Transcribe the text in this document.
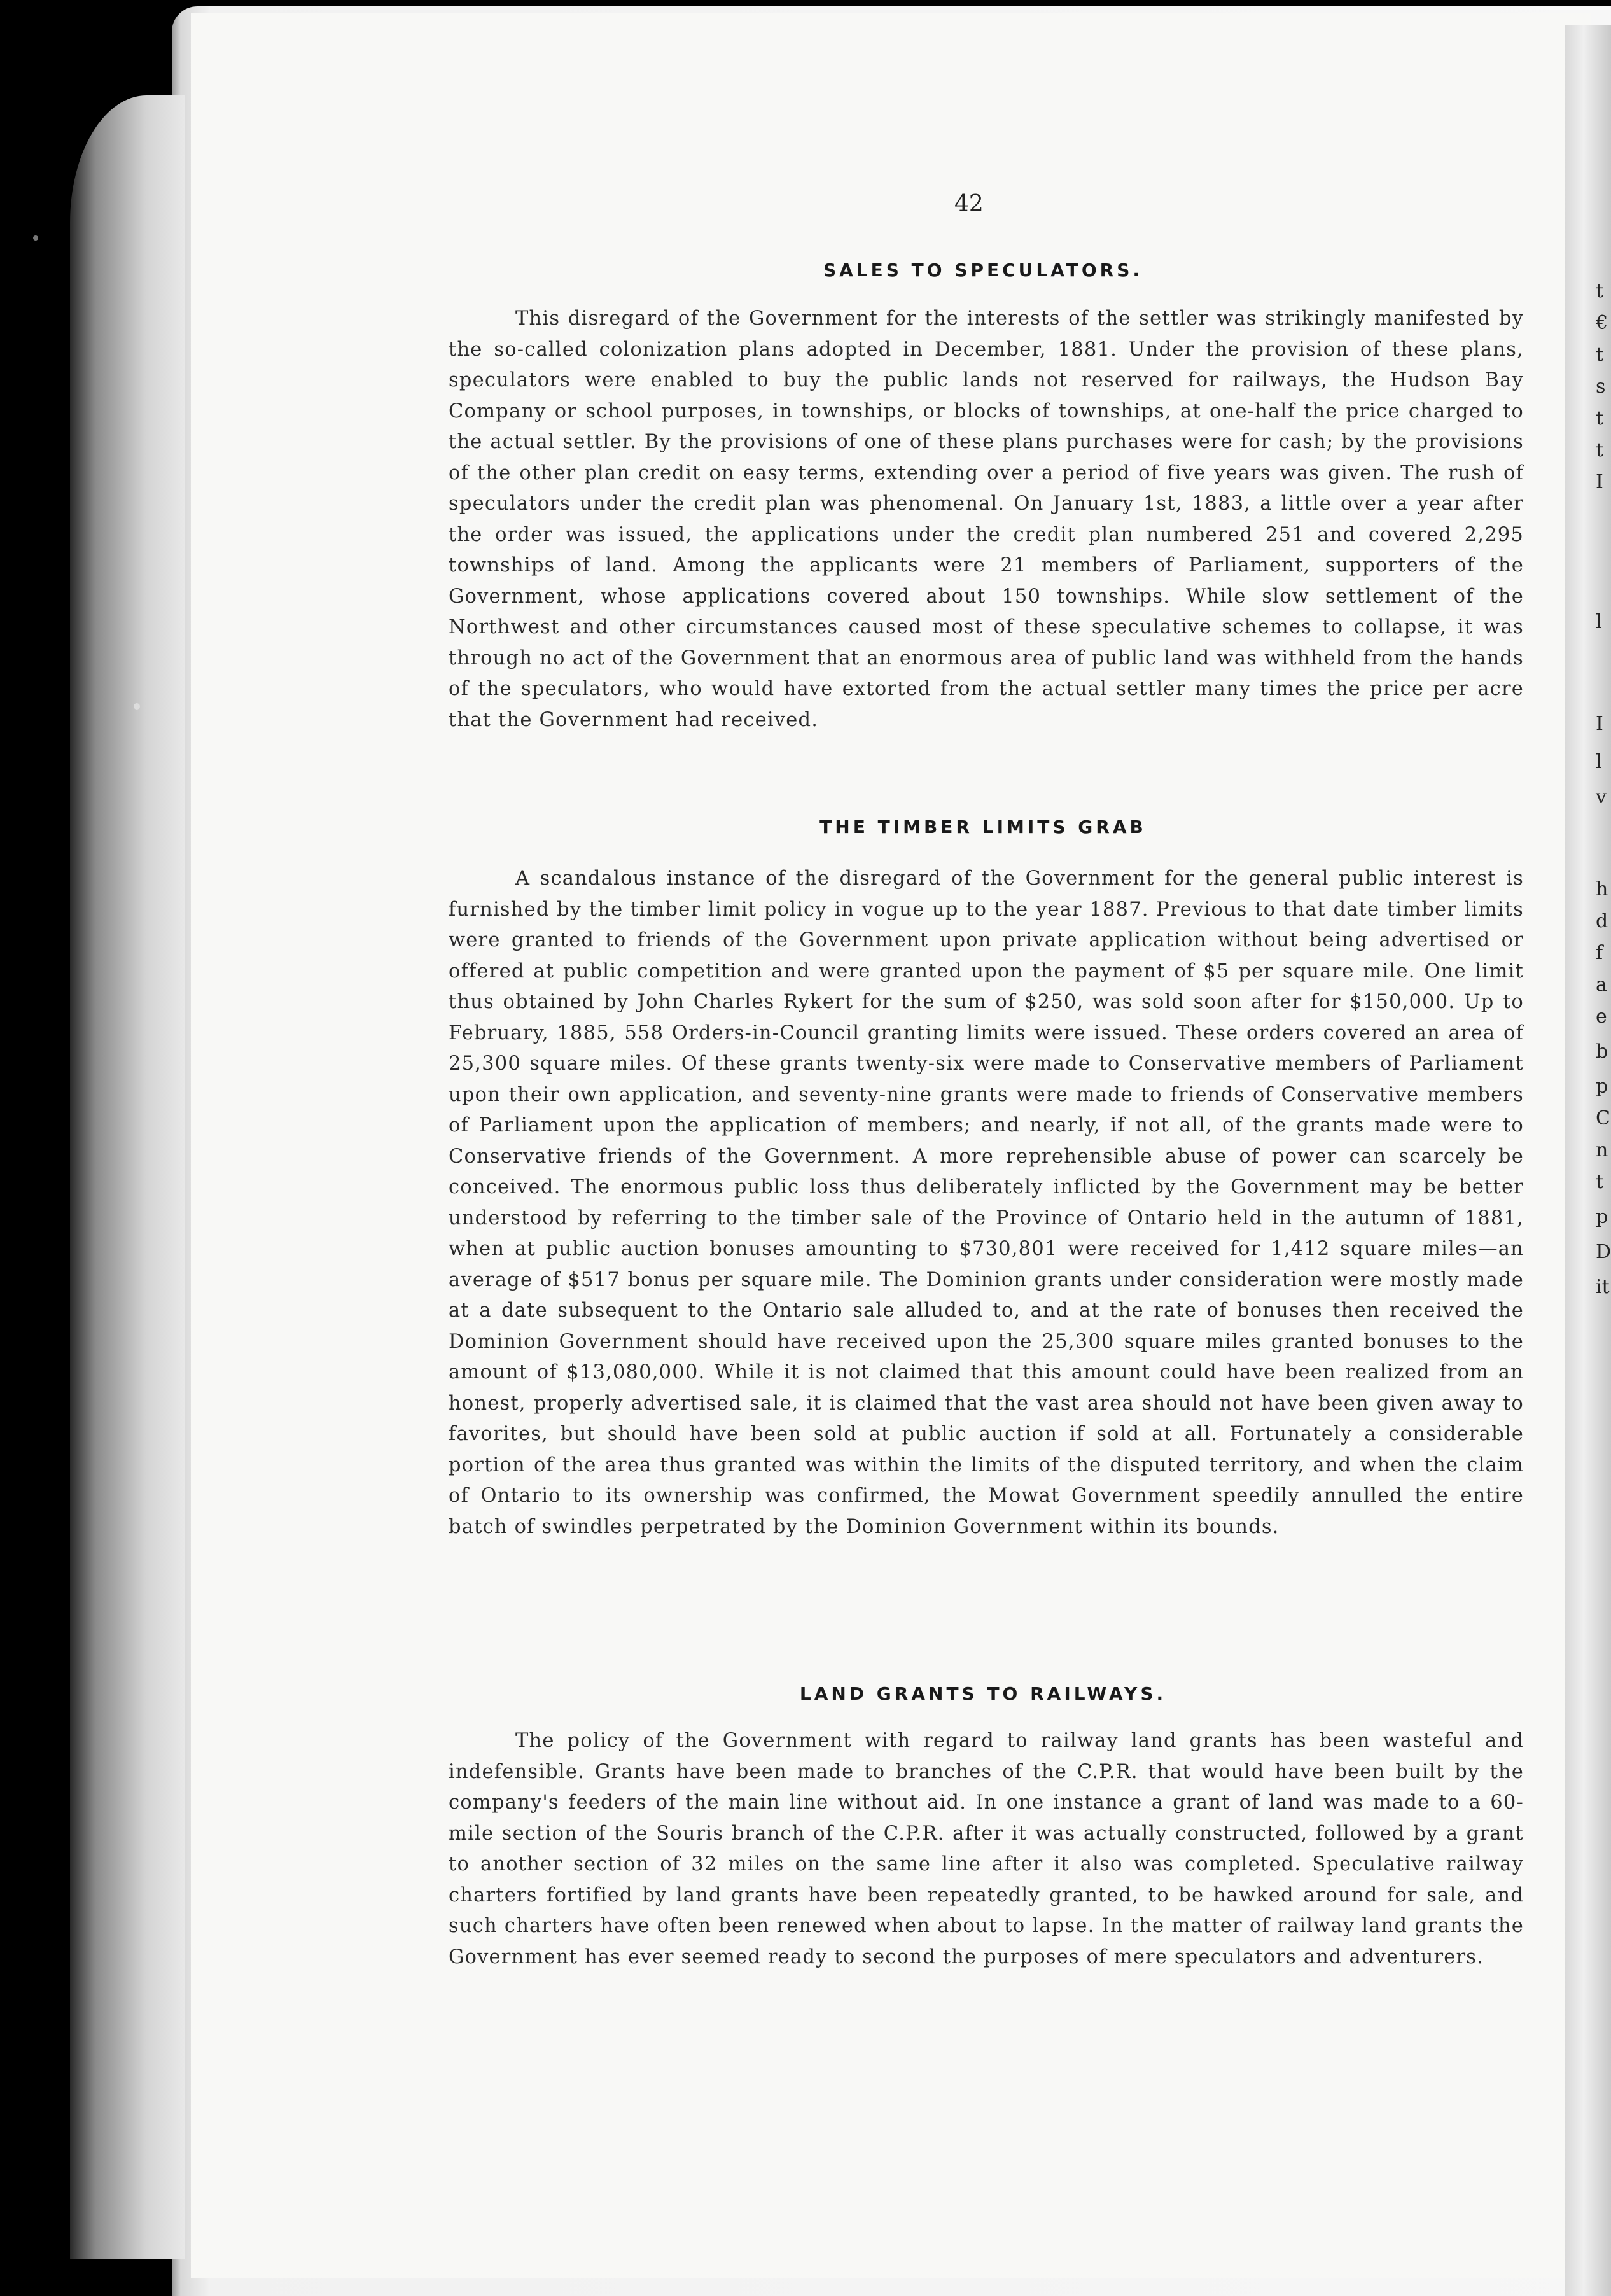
t
€
t
s
t
t
I
l
I
l
v
h
d
f
a
e
b
p
C
n
t
p
D
it
42
SALES TO SPECULATORS.

This disregard of the Government for the interests of the settler was strikingly manifested by the so-called colonization plans adopted in December, 1881. Under the provision of these plans, speculators were enabled to buy the public lands not reserved for railways, the Hudson Bay Company or school purposes, in townships, or blocks of townships, at one-half the price charged to the actual settler. By the provisions of one of these plans purchases were for cash; by the provisions of the other plan credit on easy terms, extending over a period of five years was given. The rush of speculators under the credit plan was phenomenal. On January 1st, 1883, a little over a year after the order was issued, the applications under the credit plan numbered 251 and covered 2,295 townships of land. Among the applicants were 21 members of Parliament, supporters of the Government, whose applications covered about 150 townships. While slow settlement of the Northwest and other circumstances caused most of these speculative schemes to collapse, it was through no act of the Government that an enormous area of public land was withheld from the hands of the speculators, who would have extorted from the actual settler many times the price per acre that the Government had received.

THE TIMBER LIMITS GRAB

A scandalous instance of the disregard of the Government for the general public interest is furnished by the timber limit policy in vogue up to the year 1887. Previous to that date timber limits were granted to friends of the Government upon private application without being advertised or offered at public competition and were granted upon the payment of $5 per square mile. One limit thus obtained by John Charles Rykert for the sum of $250, was sold soon after for $150,000. Up to February, 1885, 558 Orders-in-Council granting limits were issued. These orders covered an area of 25,300 square miles. Of these grants twenty-six were made to Conservative members of Parliament upon their own application, and seventy-nine grants were made to friends of Conservative members of Parliament upon the application of members; and nearly, if not all, of the grants made were to Conservative friends of the Government. A more reprehensible abuse of power can scarcely be conceived. The enormous public loss thus deliberately inflicted by the Government may be better understood by referring to the timber sale of the Province of Ontario held in the autumn of 1881, when at public auction bonuses amounting to $730,801 were received for 1,412 square miles—an average of $517 bonus per square mile. The Dominion grants under consideration were mostly made at a date subsequent to the Ontario sale alluded to, and at the rate of bonuses then received the Dominion Government should have received upon the 25,300 square miles granted bonuses to the amount of $13,080,000. While it is not claimed that this amount could have been realized from an honest, properly advertised sale, it is claimed that the vast area should not have been given away to favorites, but should have been sold at public auction if sold at all. Fortunately a considerable portion of the area thus granted was within the limits of the disputed territory, and when the claim of Ontario to its ownership was confirmed, the Mowat Government speedily annulled the entire batch of swindles perpetrated by the Dominion Government within its bounds.

LAND GRANTS TO RAILWAYS.

The policy of the Government with regard to railway land grants has been wasteful and indefensible. Grants have been made to branches of the C.P.R. that would have been built by the company's feeders of the main line without aid. In one instance a grant of land was made to a 60-mile section of the Souris branch of the C.P.R. after it was actually constructed, followed by a grant to another section of 32 miles on the same line after it also was completed. Speculative railway charters fortified by land grants have been repeatedly granted, to be hawked around for sale, and such charters have often been renewed when about to lapse. In the matter of railway land grants the Government has ever seemed ready to second the purposes of mere speculators and adventurers.
